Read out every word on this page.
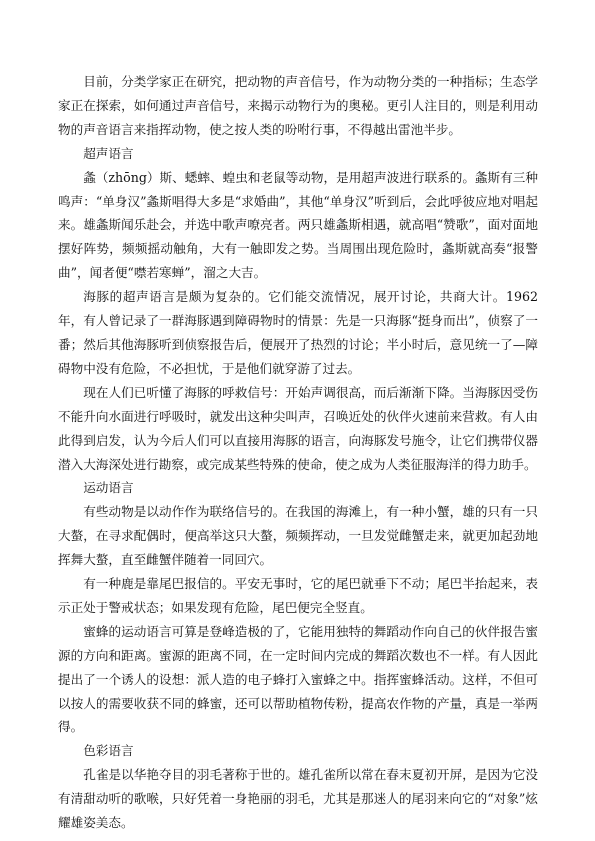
目前，分类学家正在研究，把动物的声音信号，作为动物分类的一种指标；生态学家正在探索，如何通过声音信号，来揭示动物行为的奥秘。更引人注目的，则是利用动物的声音语言来指挥动物，使之按人类的吩咐行事，不得越出雷池半步。

超声语言

螽（zhōng）斯、蟋蟀、蝗虫和老鼠等动物，是用超声波进行联系的。螽斯有三种鸣声：“单身汉”螽斯唱得大多是“求婚曲”，其他“单身汉”听到后，会此呼彼应地对唱起来。雄螽斯闻乐赴会，并选中歌声嘹亮者。两只雄螽斯相遇，就高唱“赞歌”，面对面地摆好阵势，频频摇动触角，大有一触即发之势。当周围出现危险时，螽斯就高奏“报警曲”，闻者便“噤若寒蝉”，溜之大吉。

海豚的超声语言是颇为复杂的。它们能交流情况，展开讨论，共商大计。1962年，有人曾记录了一群海豚遇到障碍物时的情景：先是一只海豚“挺身而出”，侦察了一番；然后其他海豚听到侦察报告后，便展开了热烈的讨论；半小时后，意见统一了—障碍物中没有危险，不必担忧，于是他们就穿游了过去。

现在人们已听懂了海豚的呼救信号：开始声调很高，而后渐渐下降。当海豚因受伤不能升向水面进行呼吸时，就发出这种尖叫声，召唤近处的伙伴火速前来营救。有人由此得到启发，认为今后人们可以直接用海豚的语言，向海豚发号施令，让它们携带仪器潜入大海深处进行勘察，或完成某些特殊的使命，使之成为人类征服海洋的得力助手。

运动语言

有些动物是以动作作为联络信号的。在我国的海滩上，有一种小蟹，雄的只有一只大螯，在寻求配偶时，便高举这只大螯，频频挥动，一旦发觉雌蟹走来，就更加起劲地挥舞大螯，直至雌蟹伴随着一同回穴。

有一种鹿是靠尾巴报信的。平安无事时，它的尾巴就垂下不动；尾巴半抬起来，表示正处于警戒状态；如果发现有危险，尾巴便完全竖直。

蜜蜂的运动语言可算是登峰造极的了，它能用独特的舞蹈动作向自己的伙伴报告蜜源的方向和距离。蜜源的距离不同，在一定时间内完成的舞蹈次数也不一样。有人因此提出了一个诱人的设想：派人造的电子蜂打入蜜蜂之中。指挥蜜蜂活动。这样，不但可以按人的需要收获不同的蜂蜜，还可以帮助植物传粉，提高农作物的产量，真是一举两得。

色彩语言

孔雀是以华艳夺目的羽毛著称于世的。雄孔雀所以常在春末夏初开屏，是因为它没有清甜动听的歌喉，只好凭着一身艳丽的羽毛，尤其是那迷人的尾羽来向它的“对象”炫耀雄姿美态。
